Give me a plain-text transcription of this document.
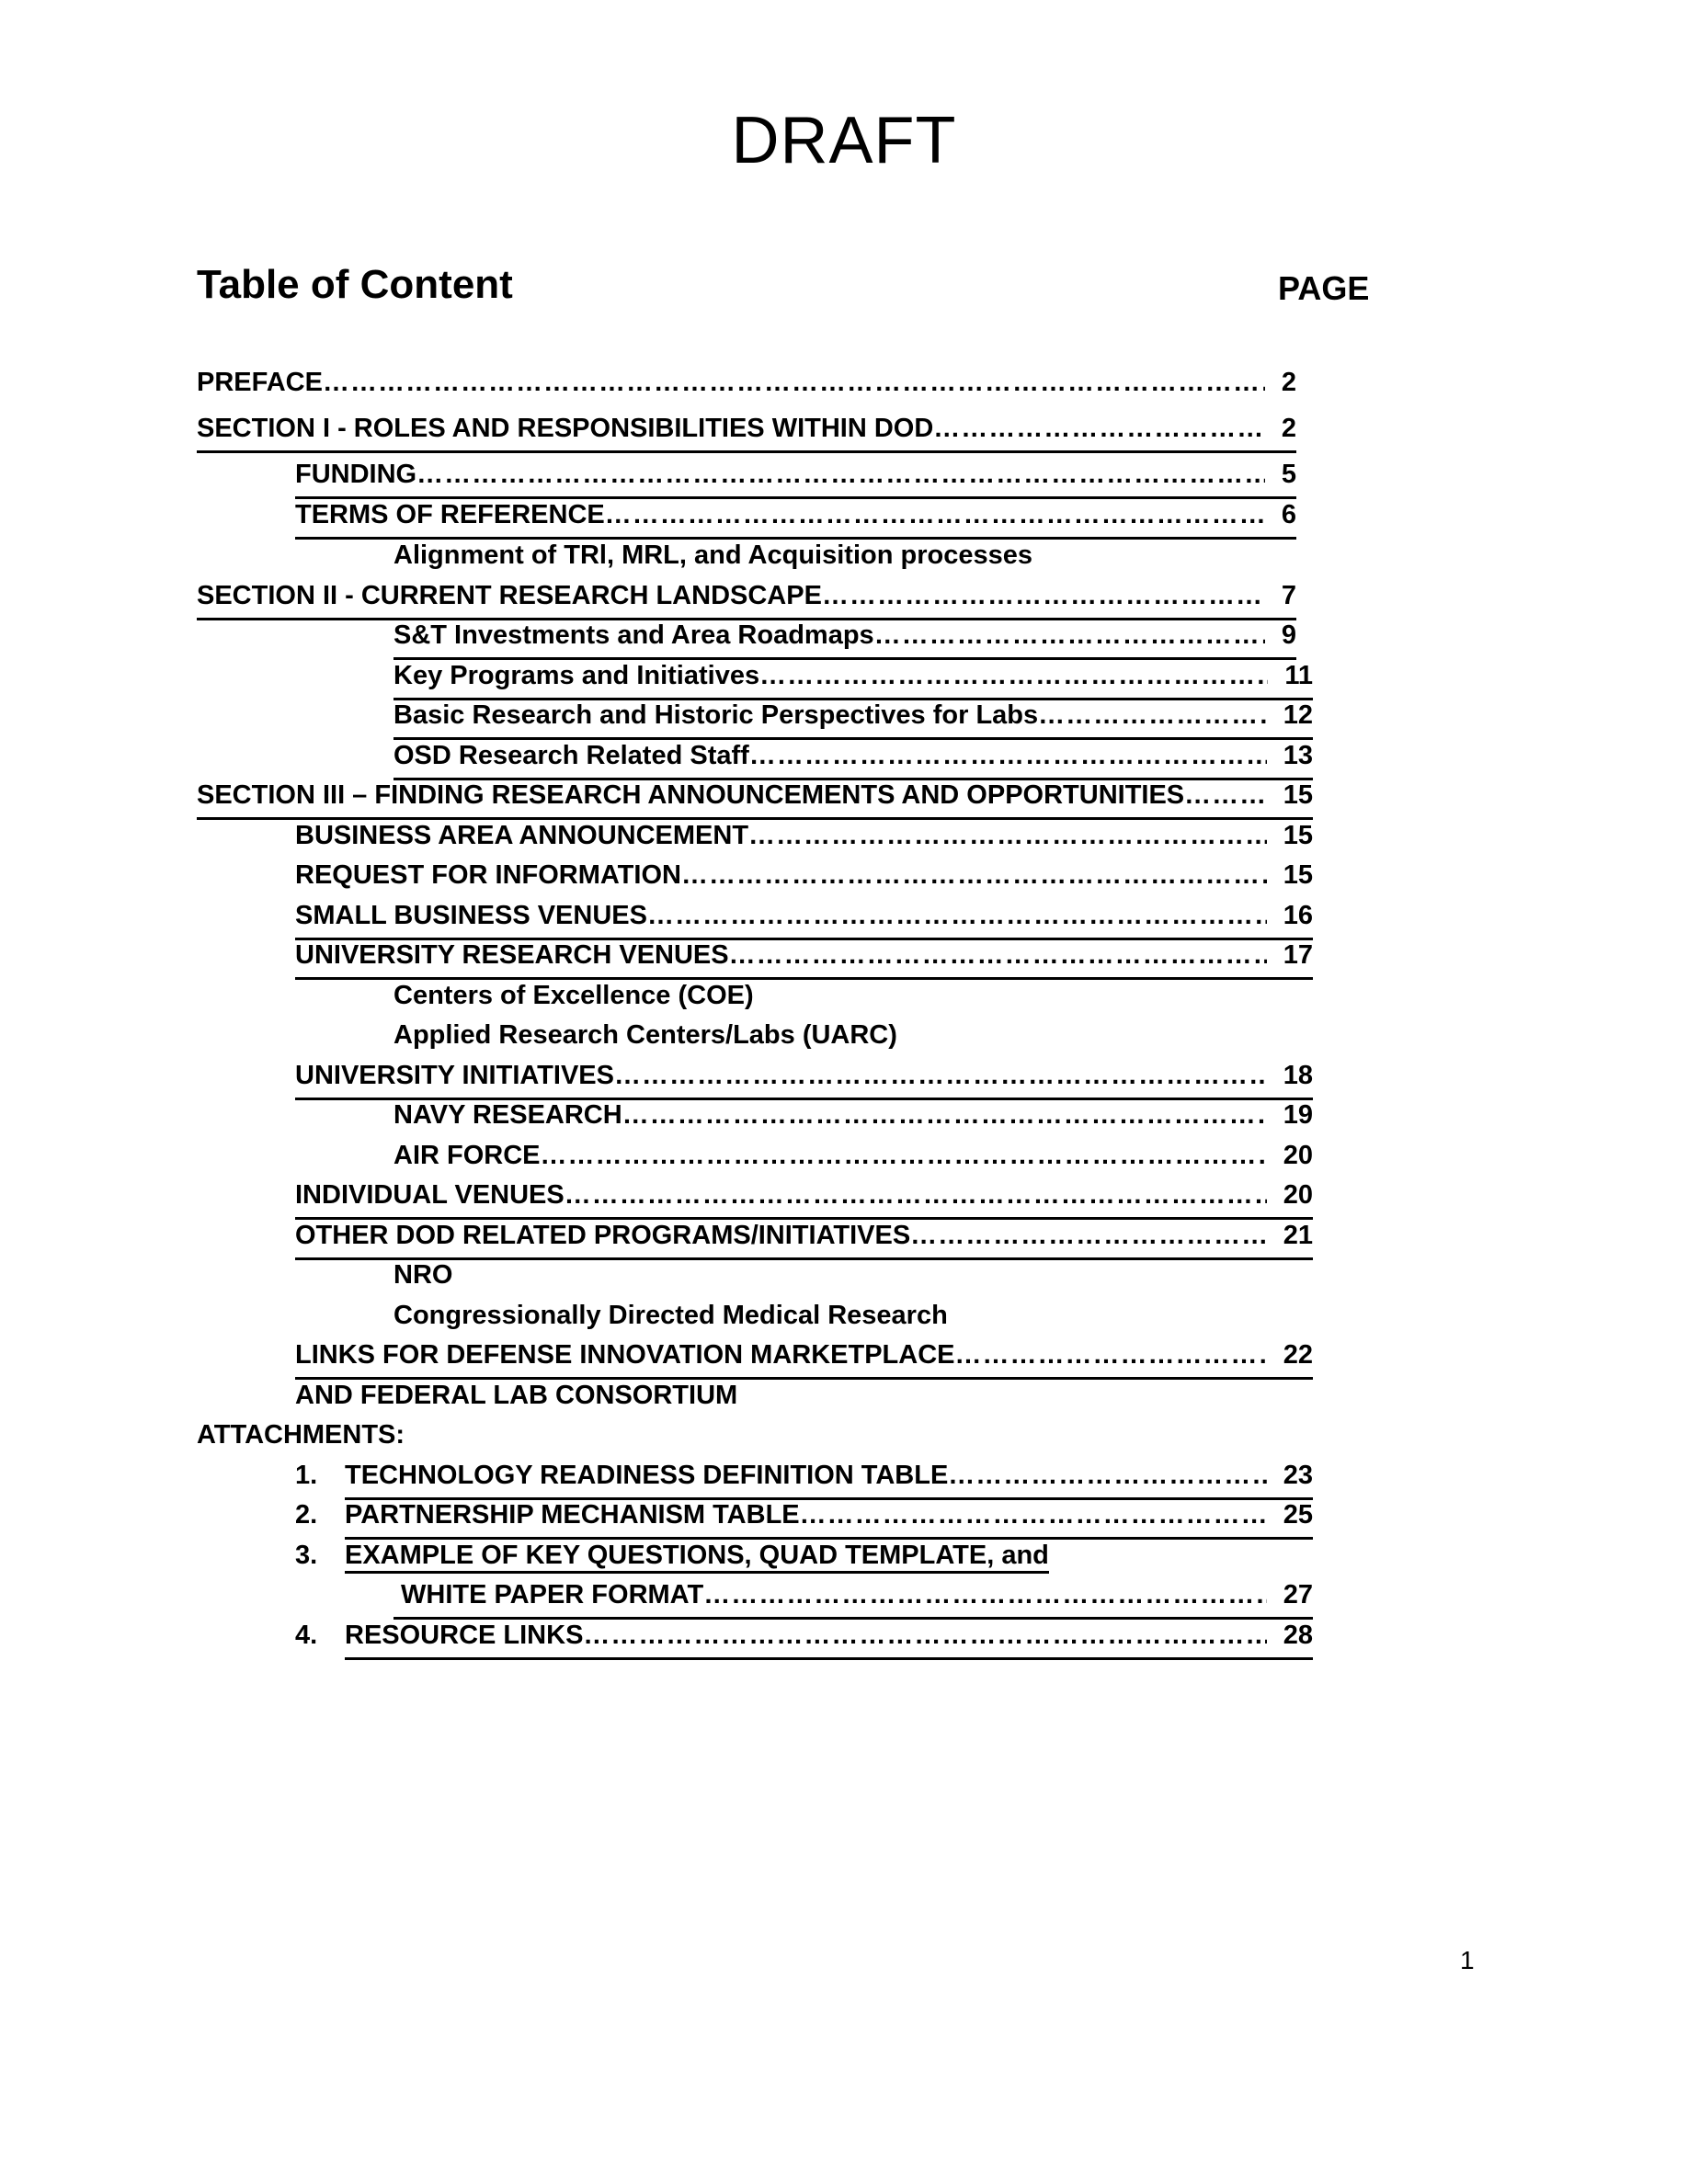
DRAFT
Table of Content	PAGE
PREFACE ……………………………………………………………………………………………………………………………………………………………………	2
SECTION I - ROLES AND RESPONSIBILITIES WITHIN DOD ……………………………………………………………………………………………………………………………………………………………………	2
FUNDING ……………………………………………………………………………………………………………………………………………………………………	5
TERMS OF REFERENCE ……………………………………………………………………………………………………………………………………………………………………	6
Alignment of TRl, MRL, and Acquisition processes
SECTION II - CURRENT RESEARCH LANDSCAPE ……………………………………………………………………………………………………………………………………………………………………	7
S&T Investments and Area Roadmaps ……………………………………………………………………………………………………………………………………………………………………	9
Key Programs and Initiatives ……………………………………………………………………………………………………………………………………………………………………	11
Basic Research and Historic Perspectives for Labs ……………………………………………………………………………………………………………………………………………………………………	12
OSD Research Related Staff ……………………………………………………………………………………………………………………………………………………………………	13
SECTION III – FINDING RESEARCH ANNOUNCEMENTS AND OPPORTUNITIES ……………………………………………………………………………………………………………………………………………………………………	15
BUSINESS AREA ANNOUNCEMENT ……………………………………………………………………………………………………………………………………………………………………	15
REQUEST FOR INFORMATION ……………………………………………………………………………………………………………………………………………………………………	15
SMALL BUSINESS VENUES ……………………………………………………………………………………………………………………………………………………………………	16
UNIVERSITY RESEARCH VENUES ……………………………………………………………………………………………………………………………………………………………………	17
Centers of Excellence (COE)
Applied Research Centers/Labs (UARC)
UNIVERSITY INITIATIVES ……………………………………………………………………………………………………………………………………………………………………	18
NAVY RESEARCH ……………………………………………………………………………………………………………………………………………………………………	19
AIR FORCE ……………………………………………………………………………………………………………………………………………………………………	20
INDIVIDUAL VENUES ……………………………………………………………………………………………………………………………………………………………………	20
OTHER DOD RELATED PROGRAMS/INITIATIVES ……………………………………………………………………………………………………………………………………………………………………	21
NRO
Congressionally Directed Medical Research
LINKS FOR DEFENSE INNOVATION MARKETPLACE ……………………………………………………………………………………………………………………………………………………………………	22
AND FEDERAL LAB CONSORTIUM
ATTACHMENTS:
1. TECHNOLOGY READINESS DEFINITION TABLE ……………………………………………………………………………………………………………………………………………………………………	23
2. PARTNERSHIP MECHANISM TABLE ……………………………………………………………………………………………………………………………………………………………………	25
3. EXAMPLE OF KEY QUESTIONS, QUAD TEMPLATE, and
WHITE PAPER FORMAT ……………………………………………………………………………………………………………………………………………………………………	27
4. RESOURCE LINKS ……………………………………………………………………………………………………………………………………………………………………	28
1
